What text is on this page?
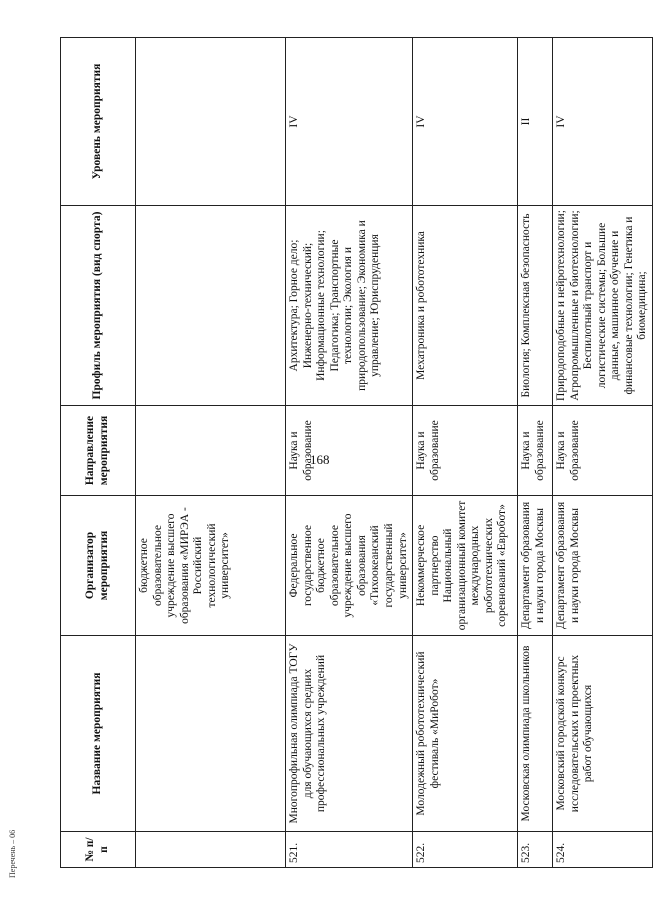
168
№ п/п	Название мероприятия	Организатор мероприятия	Направление мероприятия	Профиль мероприятия (вид спорта)	Уровень мероприятия
		бюджетное образовательное учреждение высшего образования «МИРЭА - Российский технологический университет»			
521.	Многопрофильная олимпиада ТОГУ для обучающихся средних профессиональных учреждений	Федеральное государственное бюджетное образовательное учреждение высшего образования «Тихоокеанский государственный университет»	Наука и образование	Архитектура; Горное дело; Инженерно-технический; Информационные технологии; Педагогика; Транспортные технологии; Экология и природопользование; Экономика и управление; Юриспруденция	IV
522.	Молодежный робототехнический фестиваль «МиРобот»	Некоммерческое партнерство Национальный организационный комитет международных робототехнических соревнований «Евробот»	Наука и образование	Мехатроника и робототехника	IV
523.	Московская олимпиада школьников	Департамент образования и науки города Москвы	Наука и образование	Биология; Комплексная безопасность	II
524.	Московский городской конкурс исследовательских и проектных работ обучающихся	Департамент образования и науки города Москвы	Наука и образование	Природоподобные и нейротехнологии; Агропромышленные и биотехнологии; Беспилотный транспорт и логистические системы; Большие данные, машинное обучение и финансовые технологии; Генетика и биомедицина;	IV
Перечень – 06
